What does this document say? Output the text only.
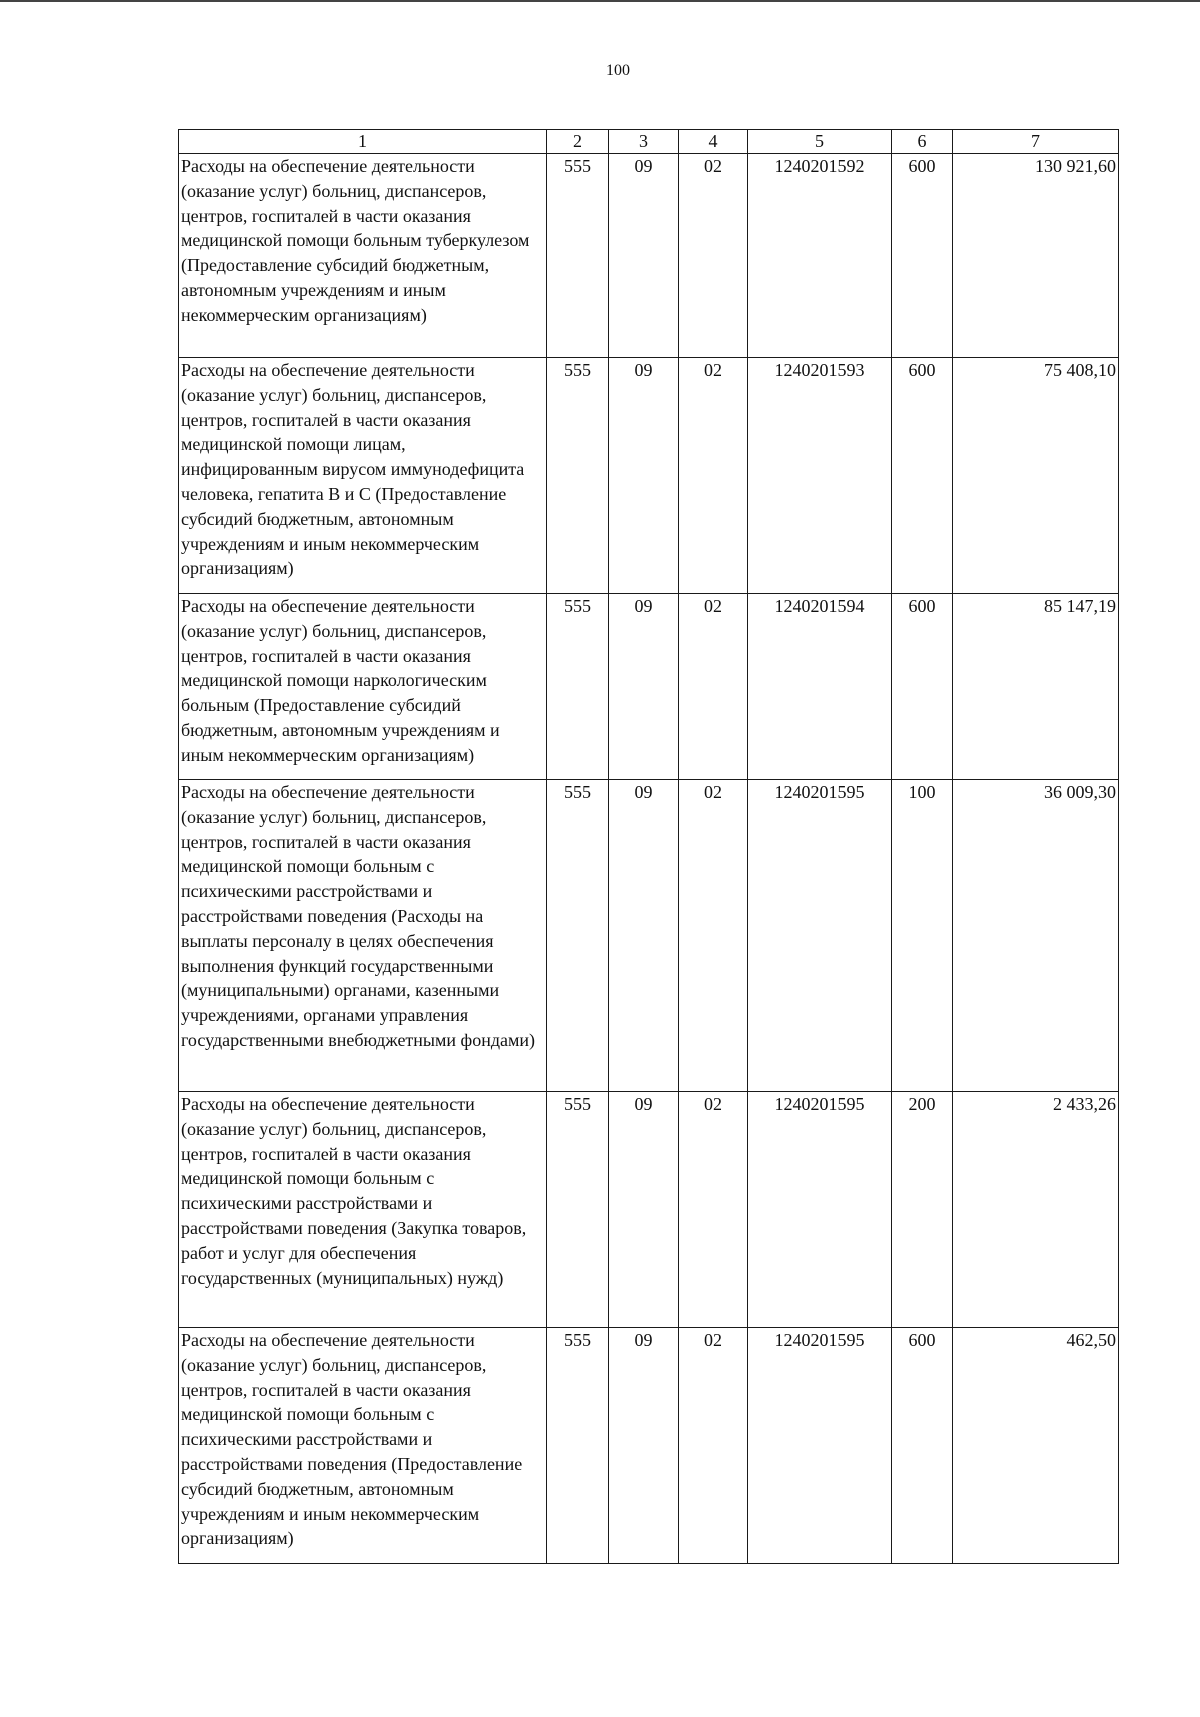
100
1	2	3	4	5	6	7
Расходы на обеспечение деятельности (оказание услуг) больниц, диспансеров, центров, госпиталей в части оказания медицинской помощи больным туберкулезом (Предоставление субсидий бюджетным, автономным учреждениям и иным некоммерческим организациям)	555	09	02	1240201592	600	130 921,60
Расходы на обеспечение деятельности (оказание услуг) больниц, диспансеров, центров, госпиталей в части оказания медицинской помощи лицам, инфицированным вирусом иммунодефицита человека, гепатита В и С (Предоставление субсидий бюджетным, автономным учреждениям и иным некоммерческим организациям)	555	09	02	1240201593	600	75 408,10
Расходы на обеспечение деятельности (оказание услуг) больниц, диспансеров, центров, госпиталей в части оказания медицинской помощи наркологическим больным (Предоставление субсидий бюджетным, автономным учреждениям и иным некоммерческим организациям)	555	09	02	1240201594	600	85 147,19
Расходы на обеспечение деятельности (оказание услуг) больниц, диспансеров, центров, госпиталей в части оказания медицинской помощи больным с психическими расстройствами и расстройствами поведения (Расходы на выплаты персоналу в целях обеспечения выполнения функций государственными (муниципальными) органами, казенными учреждениями, органами управления государственными внебюджетными фондами)	555	09	02	1240201595	100	36 009,30
Расходы на обеспечение деятельности (оказание услуг) больниц, диспансеров, центров, госпиталей в части оказания медицинской помощи больным с психическими расстройствами и расстройствами поведения (Закупка товаров, работ и услуг для обеспечения государственных (муниципальных) нужд)	555	09	02	1240201595	200	2 433,26
Расходы на обеспечение деятельности (оказание услуг) больниц, диспансеров, центров, госпиталей в части оказания медицинской помощи больным с психическими расстройствами и расстройствами поведения (Предоставление субсидий бюджетным, автономным учреждениям и иным некоммерческим организациям)	555	09	02	1240201595	600	462,50
